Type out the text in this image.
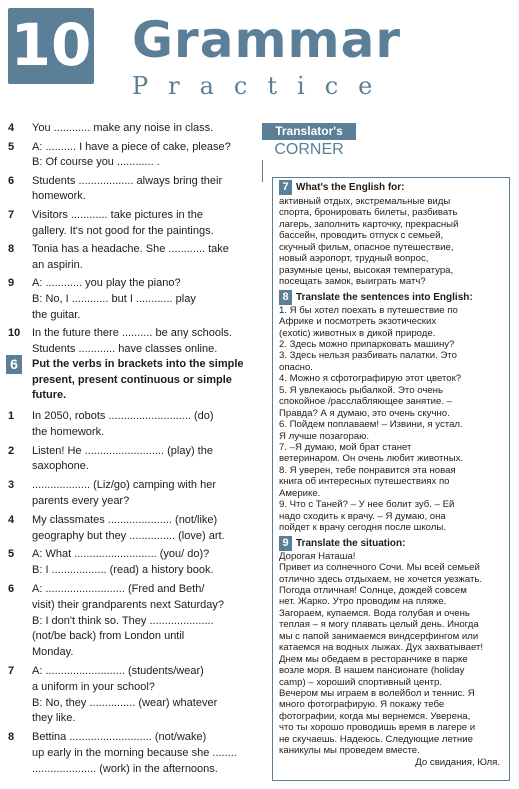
10 Grammar
Practice
4 You ............ make any noise in class.
5 A: .......... I have a piece of cake, please?
B: Of course you ............ .
6 Students .................. always bring their
homework.
7 Visitors ............ take pictures in the
gallery. It's not good for the paintings.
8 Tonia has a headache. She ............ take
an aspirin.
9 A: ............ you play the piano?
B: No, I ............ but I ............ play
the guitar.
10 In the future there .......... be any schools.
Students ............ have classes online.
6	Put the verbs in brackets into the simple
present, present continuous or simple
future.
1 In 2050, robots ........................... (do)
the homework.
2 Listen! He .......................... (play) the
saxophone.
3 ................... (Liz/go) camping with her
parents every year?
4 My classmates ..................... (not/like)
geography but they ............... (love) art.
5 A: What ........................... (you/ do)?
B: I .................. (read) a history book.
6 A: .......................... (Fred and Beth/
visit) their grandparents next Saturday?
B: I don't think so. They .....................
(not/be back) from London until
Monday.
7 A: .......................... (students/wear)
a uniform in your school?
B: No, they ............... (wear) whatever
they like.
8 Bettina ........................... (not/wake)
up early in the morning because she ........
..................... (work) in the afternoons.
Translator's
CORNER
7 What's the English for:
активный отдых, экстремальные виды
спорта, бронировать билеты, разбивать
лагерь, заполнить карточку, прекрасный
бассейн, проводить отпуск с семьей,
скучный фильм, опасное путешествие,
новый аэропорт, трудный вопрос,
разумные цены, высокая температура,
посещать замок, выиграть матч?
8 Translate the sentences into English:
1. Я бы хотел поехать в путешествие по
Африке и посмотреть экзотических
(exotic) животных в дикой природе.
2. Здесь можно припарковать машину?
3. Здесь нельзя разбивать палатки. Это
опасно.
4. Можно я сфотографирую этот цветок?
5. Я увлекаюсь рыбалкой. Это очень
спокойное /расслабляющее занятие. –
Правда? А я думаю, это очень скучно.
6. Пойдем поплаваем! – Извини, я устал.
Я лучше позагораю.
7. –Я думаю, мой брат станет
ветеринаром. Он очень любит животных.
8. Я уверен, тебе понравится эта новая
книга об интересных путешествиях по
Америке.
9. Что с Таней? – У нее болит зуб. – Ей
надо сходить к врачу. – Я думаю, она
пойдет к врачу сегодня после школы.
9 Translate the situation:
Дорогая Наташа!
Привет из солнечного Сочи. Мы всей семьей
отлично здесь отдыхаем, не хочется уезжать.
Погода отличная! Солнце, дождей совсем
нет. Жарко. Утро проводим на пляже.
Загораем, купаемся. Вода голубая и очень
теплая – я могу плавать целый день. Иногда
мы с папой занимаемся виндсерфингом или
катаемся на водных лыжах. Дух захватывает!
Днем мы обедаем в ресторанчике в парке
возле моря. В нашем пансионате (holiday
camp) – хороший спортивный центр.
Вечером мы играем в волейбол и теннис. Я
много фотографирую. Я покажу тебе
фотографии, когда мы вернемся. Уверена,
что ты хорошо проводишь время в лагере и
не скучаешь. Надеюсь. Следующие летние
каникулы мы проведем вместе.
До свидания, Юля.
